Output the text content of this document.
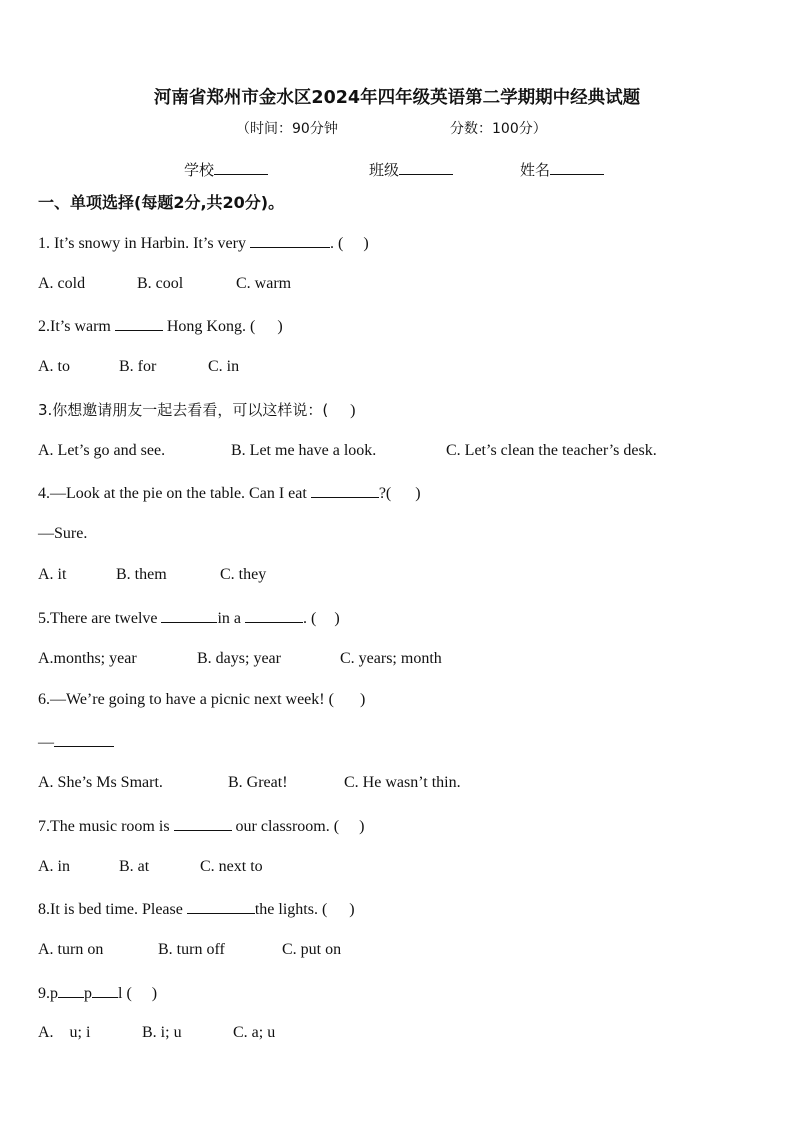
河南省郑州市金水区2024年四年级英语第二学期期中经典试题
（时间：90分钟	分数：100分）
学校	班级	姓名
一、单项选择(每题2分,共20分)。
1. It’s snowy in Harbin. It’s very	. ( )
A. cold	B. cool	C. warm
2.It’s warm	Hong Kong. ( )
A. to	B. for	C. in
3.你想邀请朋友一起去看看，可以这样说：( )
A. Let’s go and see.	B. Let me have a look.	C. Let’s clean the teacher’s desk.
4.—Look at the pie on the table. Can I eat	?( )
—Sure.
A. it	B. them	C. they
5.There are twelve	in a	. ( )
A.months; year	B. days; year	C. years; month
6.—We’re going to have a picnic next week! ( )
—
A. She’s Ms Smart.	B. Great!	C. He wasn’t thin.
7.The music room is	our classroom. ( )
A. in	B. at	C. next to
8.It is bed time. Please	the lights. ( )
A. turn on	B. turn off	C. put on
9.p p l ( )
A.    u; i	B. i; u	C. a; u
